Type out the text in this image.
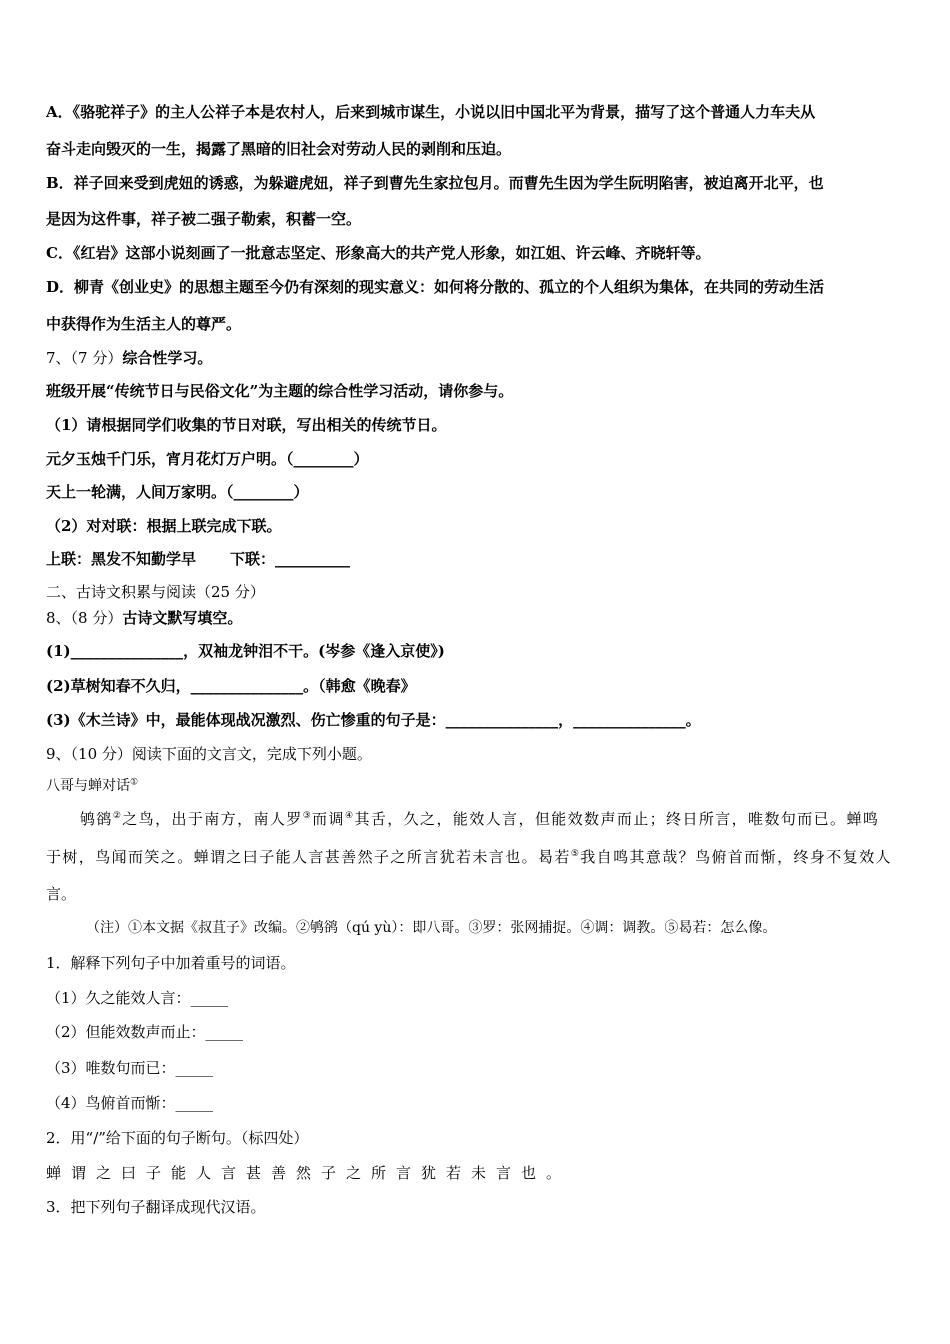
A．《骆驼祥子》的主人公祥子本是农村人，后来到城市谋生，小说以旧中国北平为背景，描写了这个普通人力车夫从
奋斗走向毁灭的一生，揭露了黑暗的旧社会对劳动人民的剥削和压迫。
B．祥子回来受到虎妞的诱惑，为躲避虎妞，祥子到曹先生家拉包月。而曹先生因为学生阮明陷害，被迫离开北平，也
是因为这件事，祥子被二强子勒索，积蓄一空。
C．《红岩》这部小说刻画了一批意志坚定、形象高大的共产党人形象，如江姐、许云峰、齐晓轩等。
D．柳青《创业史》的思想主题至今仍有深刻的现实意义：如何将分散的、孤立的个人组织为集体，在共同的劳动生活
中获得作为生活主人的尊严。
7、（7 分）综合性学习。
班级开展“传统节日与民俗文化”为主题的综合性学习活动，请你参与。
（1）请根据同学们收集的节日对联，写出相关的传统节日。
元夕玉烛千门乐，宵月花灯万户明。（________）
天上一轮满，人间万家明。（________）
（2）对对联：根据上联完成下联。
上联：黑发不知勤学早 下联：__________
二、古诗文积累与阅读（25 分）
8、（8 分）古诗文默写填空。
(1)_______________，双袖龙钟泪不干。(岑参《逢入京使》)
(2)草树知春不久归，_______________。（韩愈《晚春》
(3)《木兰诗》中，最能体现战况激烈、伤亡惨重的句子是：_______________，_______________。
9、（10 分）阅读下面的文言文，完成下列小题。
八哥与蝉对话①
鸲鹆②之鸟，出于南方，南人罗③而调④其舌，久之，能效人言，但能效数声而止；终日所言，唯数句而已。蝉鸣
于树，鸟闻而笑之。蝉谓之曰子能人言甚善然子之所言犹若未言也。曷若⑤我自鸣其意哉？鸟俯首而惭，终身不复效人
言。
（注）①本文据《叔苴子》改编。②鸲鹆（qú yù）：即八哥。③罗：张网捕捉。④调：调教。⑤曷若：怎么像。
1．解释下列句子中加着重号的词语。
（1）久之能效人言：_____
（2）但能效数声而止：_____
（3）唯数句而已：_____
（4）鸟俯首而惭：_____
2．用“/”给下面的句子断句。（标四处）
蝉谓之曰子能人言甚善然子之所言犹若未言也。
3．把下列句子翻译成现代汉语。
